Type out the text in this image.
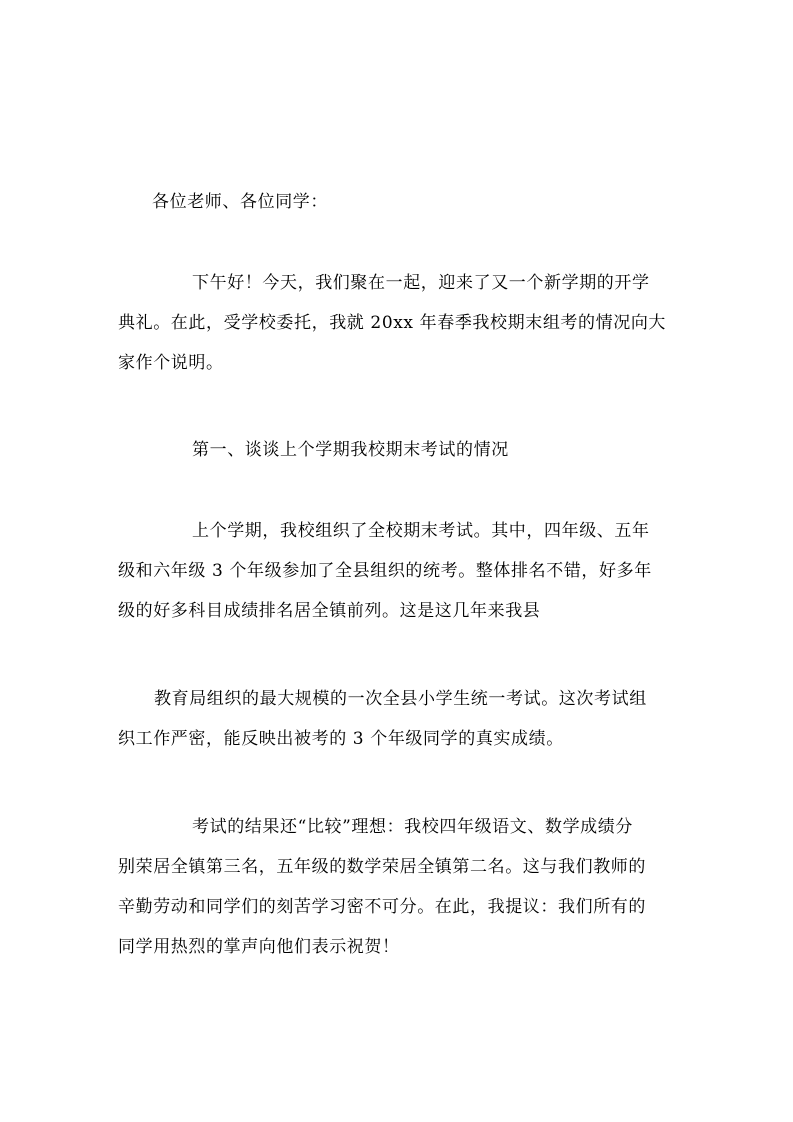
各位老师、各位同学：
下午好！今天，我们聚在一起，迎来了又一个新学期的开学
典礼。在此，受学校委托，我就 20xx 年春季我校期末组考的情况向大
家作个说明。
第一、谈谈上个学期我校期末考试的情况
上个学期，我校组织了全校期末考试。其中，四年级、五年
级和六年级 3 个年级参加了全县组织的统考。整体排名不错，好多年
级的好多科目成绩排名居全镇前列。这是这几年来我县
教育局组织的最大规模的一次全县小学生统一考试。这次考试组
织工作严密，能反映出被考的 3 个年级同学的真实成绩。
考试的结果还“比较”理想：我校四年级语文、数学成绩分
别荣居全镇第三名，五年级的数学荣居全镇第二名。这与我们教师的
辛勤劳动和同学们的刻苦学习密不可分。在此，我提议：我们所有的
同学用热烈的掌声向他们表示祝贺！
